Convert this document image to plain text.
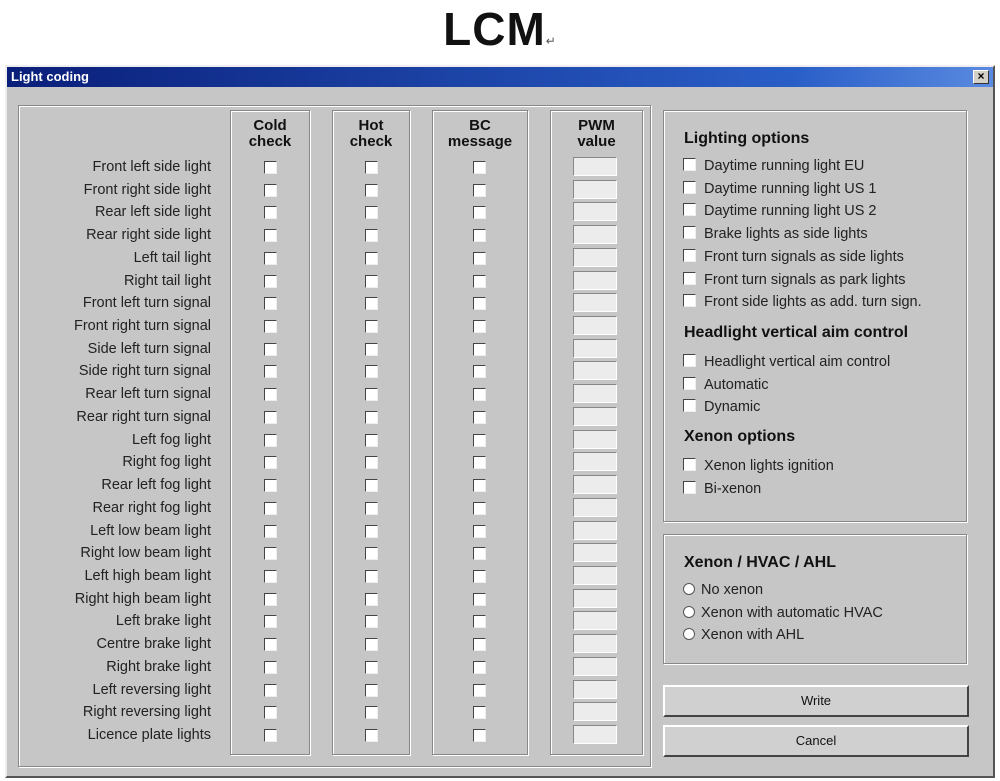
LCM↵
Light coding	×
Cold
check
Hot
check
BC
message
PWM
value
Front left side light
Front right side light
Rear left side light
Rear right side light
Left tail light
Right tail light
Front left turn signal
Front right turn signal
Side left turn signal
Side right turn signal
Rear left turn signal
Rear right turn signal
Left fog light
Right fog light
Rear left fog light
Rear right fog light
Left low beam light
Right low beam light
Left high beam light
Right high beam light
Left brake light
Centre brake light
Right brake light
Left reversing light
Right reversing light
Licence plate lights
Lighting options
Daytime running light EU
Daytime running light US 1
Daytime running light US 2
Brake lights as side lights
Front turn signals as side lights
Front turn signals as park lights
Front side lights as add. turn sign.
Headlight vertical aim control
Automatic
Dynamic
Xenon lights ignition
Bi-xenon
No xenon
Xenon with automatic HVAC
Xenon with AHL
Headlight vertical aim control
Xenon options
Xenon / HVAC / AHL
Write
Cancel
